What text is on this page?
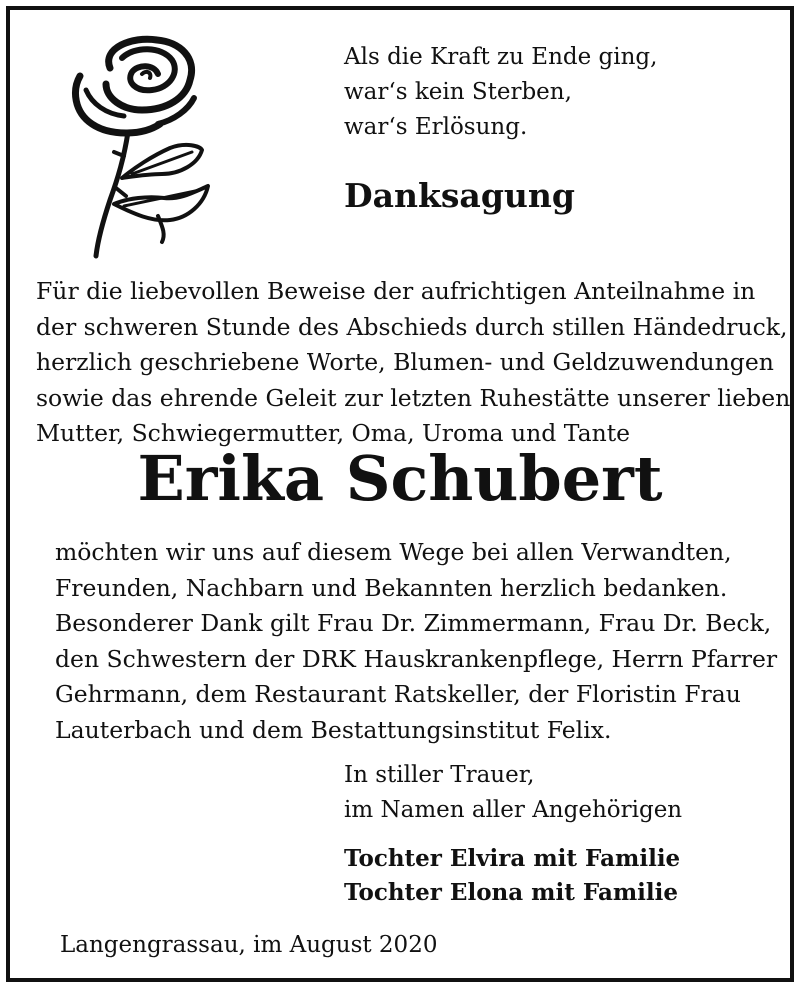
Als die Kraft zu Ende ging,
war‘s kein Sterben,
war‘s Erlösung.
Danksagung
Für die liebevollen Beweise der aufrichtigen Anteilnahme in
der schweren Stunde des Abschieds durch stillen Händedruck,
herzlich geschriebene Worte, Blumen- und Geldzuwendungen
sowie das ehrende Geleit zur letzten Ruhestätte unserer lieben
Mutter, Schwiegermutter, Oma, Uroma und Tante
Erika Schubert
möchten wir uns auf diesem Wege bei allen Verwandten,
Freunden, Nachbarn und Bekannten herzlich bedanken.
Besonderer Dank gilt Frau Dr. Zimmermann, Frau Dr. Beck,
den Schwestern der DRK Hauskrankenpflege, Herrn Pfarrer
Gehrmann, dem Restaurant Ratskeller, der Floristin Frau
Lauterbach und dem Bestattungsinstitut Felix.
In stiller Trauer,
im Namen aller Angehörigen
Tochter Elvira mit Familie
Tochter Elona mit Familie
Langengrassau, im August 2020
